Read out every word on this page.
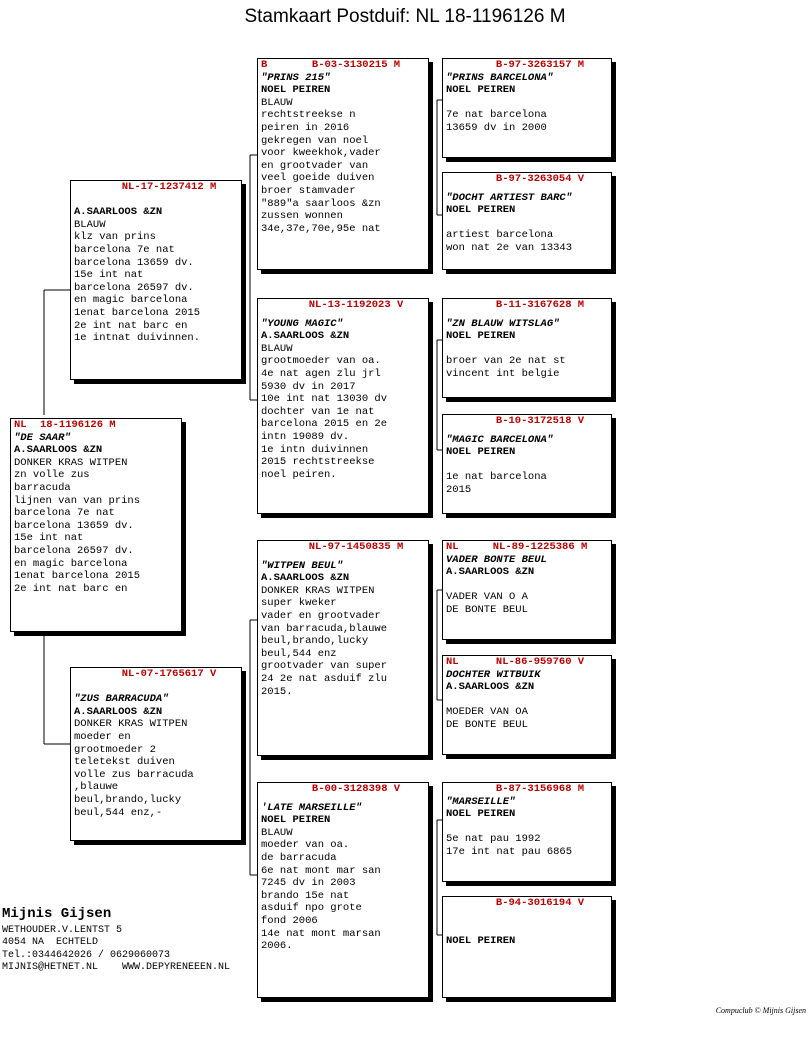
Stamkaart Postduif: NL 18-1196126 M
NL	18-1196126 M
"DE SAAR"
A.SAARLOOS &ZN
DONKER KRAS WITPEN
zn volle zus
barracuda
lijnen van van prins
barcelona 7e nat
barcelona 13659 dv.
15e int nat
barcelona 26597 dv.
en magic barcelona
1enat barcelona 2015
2e int nat barc en
NL-17-1237412 M
A.SAARLOOS &ZN
BLAUW
klz van prins
barcelona 7e nat
barcelona 13659 dv.
15e int nat
barcelona 26597 dv.
en magic barcelona
1enat barcelona 2015
2e int nat barc en
1e intnat duivinnen.
NL-07-1765617 V
"ZUS BARRACUDA"
A.SAARLOOS &ZN
DONKER KRAS WITPEN
moeder en
grootmoeder 2
teletekst duiven
volle zus barracuda
,blauwe
beul,brando,lucky
beul,544 enz,-
B	B-03-3130215 M
"PRINS 215"
NOEL PEIREN
BLAUW
rechtstreekse n
peiren in 2016
gekregen van noel
voor kweekhok,vader
en grootvader van
veel goeide duiven
broer stamvader
"889"a saarloos &zn
zussen wonnen
34e,37e,70e,95e nat
NL-13-1192023 V
"YOUNG MAGIC"
A.SAARLOOS &ZN
BLAUW
grootmoeder van oa.
4e nat agen zlu jrl
5930 dv in 2017
10e int nat 13030 dv
dochter van 1e nat
barcelona 2015 en 2e
intn 19089 dv.
1e intn duivinnen
2015 rechtstreekse
noel peiren.
NL-97-1450835 M
"WITPEN BEUL"
A.SAARLOOS &ZN
DONKER KRAS WITPEN
super kweker
vader en grootvader
van barracuda,blauwe
beul,brando,lucky
beul,544 enz
grootvader van super
24 2e nat asduif zlu
2015.
B-00-3128398 V
'LATE MARSEILLE"
NOEL PEIREN
BLAUW
moeder van oa.
de barracuda
6e nat mont mar san
7245 dv in 2003
brando 15e nat
asduif npo grote
fond 2006
14e nat mont marsan
2006.
B-97-3263157 M
"PRINS BARCELONA"
NOEL PEIREN
7e nat barcelona
13659 dv in 2000
B-97-3263054 V
"DOCHT ARTIEST BARC"
NOEL PEIREN
artiest barcelona
won nat 2e van 13343
B-11-3167628 M
"ZN BLAUW WITSLAG"
NOEL PEIREN
broer van 2e nat st
vincent int belgie
B-10-3172518 V
"MAGIC BARCELONA"
NOEL PEIREN
1e nat barcelona
2015
NL	NL-89-1225386 M
VADER BONTE BEUL
A.SAARLOOS &ZN
VADER VAN O A
DE BONTE BEUL
NL	NL-86-959760 V
DOCHTER WITBUIK
A.SAARLOOS &ZN
MOEDER VAN OA
DE BONTE BEUL
B-87-3156968 M
"MARSEILLE"
NOEL PEIREN
5e nat pau 1992
17e int nat pau 6865
B-94-3016194 V
NOEL PEIREN
Mijnis Gijsen
WETHOUDER.V.LENTST 5
4054 NA  ECHTELD
Tel.:0344642026 / 0629060073
MIJNIS@HETNET.NL    WWW.DEPYRENEEEN.NL
Compuclub © Mijnis Gijsen
